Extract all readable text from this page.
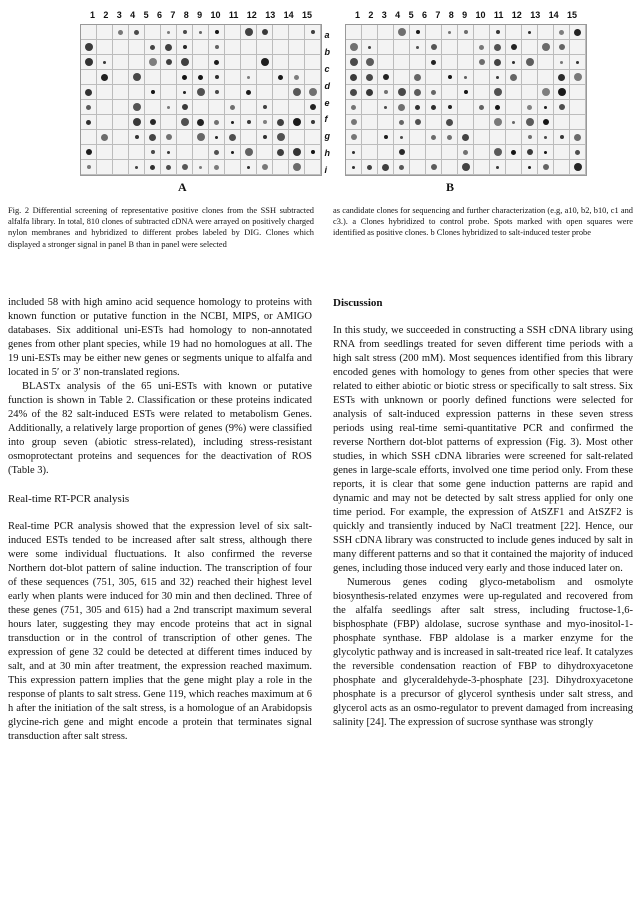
1 2 3 4 5 6 7 8 9 10 11 12 13 14 15
a
b
c
d
e
f
g
h
i
1 2 3 4 5 6 7 8 9 10 11 12 13 14 15
A	B
Fig. 2 Differential screening of representative positive clones from the SSH subtracted alfalfa library. In total, 810 clones of subtracted cDNA were arrayed on positively charged nylon membranes and hybridized to different probes labeled by DIG. Clones which displayed a stronger signal in panel B than in panel were selected
as candidate clones for sequencing and further characterization (e.g, a10, b2, b10, c1 and c3.). a Clones hybridized to control probe. Spots marked with open squares were identified as positive clones. b Clones hybridized to salt-induced tester probe

included 58 with high amino acid sequence homology to proteins with known function or putative function in the NCBI, MIPS, or AMIGO databases. Six additional uni-ESTs had homology to non-annotated genes from other plant species, while 19 had no homologues at all. The 19 uni-ESTs may be either new genes or segments unique to alfalfa and located in 5′ or 3′ non-translated regions.

BLASTx analysis of the 65 uni-ESTs with known or putative function is shown in Table 2. Classification or these proteins indicated 24% of the 82 salt-induced ESTs were related to metabolism Genes. Additionally, a relatively large proportion of genes (9%) were classified into group seven (abiotic stress-related), including stress-resistant osmoprotectant proteins and sequences for the deactivation of ROS (Table 3).

Real-time RT-PCR analysis

Real-time PCR analysis showed that the expression level of six salt-induced ESTs tended to be increased after salt stress, although there were some individual fluctuations. It also confirmed the reverse Northern dot-blot pattern of saline induction. The transcription of four of these sequences (751, 305, 615 and 32) reached their highest level early when plants were induced for 30 min and then declined. Three of these genes (751, 305 and 615) had a 2nd transcript maximum several hours later, suggesting they may encode proteins that act in signal transduction or in the control of transcription of other genes. The expression of gene 32 could be detected at different times induced by salt, and at 30 min after treatment, the expression reached maximum. This expression pattern implies that the gene might play a role in the response of plants to salt stress. Gene 119, which reaches maximum at 6 h after the initiation of the salt stress, is a homologue of an Arabidopsis glycine-rich gene and might encode a protein that terminates signal transduction after salt stress.

Discussion

In this study, we succeeded in constructing a SSH cDNA library using RNA from seedlings treated for seven different time periods with a high salt stress (200 mM). Most sequences identified from this library encoded genes with homology to genes from other species that were related to either abiotic or biotic stress or specifically to salt stress. Six ESTs with unknown or poorly defined functions were selected for analysis of salt-induced expression patterns in these seven stress periods using real-time semi-quantitative PCR and confirmed the reverse Northern dot-blot patterns of expression (Fig. 3). Most other studies, in which SSH cDNA libraries were screened for salt-related genes in large-scale efforts, involved one time period only. From these reports, it is clear that some gene induction patterns are rapid and dynamic and may not be detected by salt stress applied for only one time period. For example, the expression of AtSZF1 and AtSZF2 is quickly and transiently induced by NaCl treatment [22]. Hence, our SSH cDNA library was constructed to include genes induced by salt in many different patterns and so that it contained the majority of induced genes, including those induced very early and those induced later on.

Numerous genes coding glyco-metabolism and osmolyte biosynthesis-related enzymes were up-regulated and recovered from the alfalfa seedlings after salt stress, including fructose-1,6-bisphosphate (FBP) aldolase, sucrose synthase and myo-inositol-1-phosphate synthase. FBP aldolase is a marker enzyme for the glycolytic pathway and is increased in salt-treated rice leaf. It catalyzes the reversible condensation reaction of FBP to dihydroxyacetone phosphate and glyceraldehyde-3-phosphate [23]. Dihydroxyacetone phosphate is a precursor of glycerol synthesis under salt stress, and glycerol acts as an osmo-regulator to prevent damaged from increasing salinity [24]. The expression of sucrose synthase was strongly
